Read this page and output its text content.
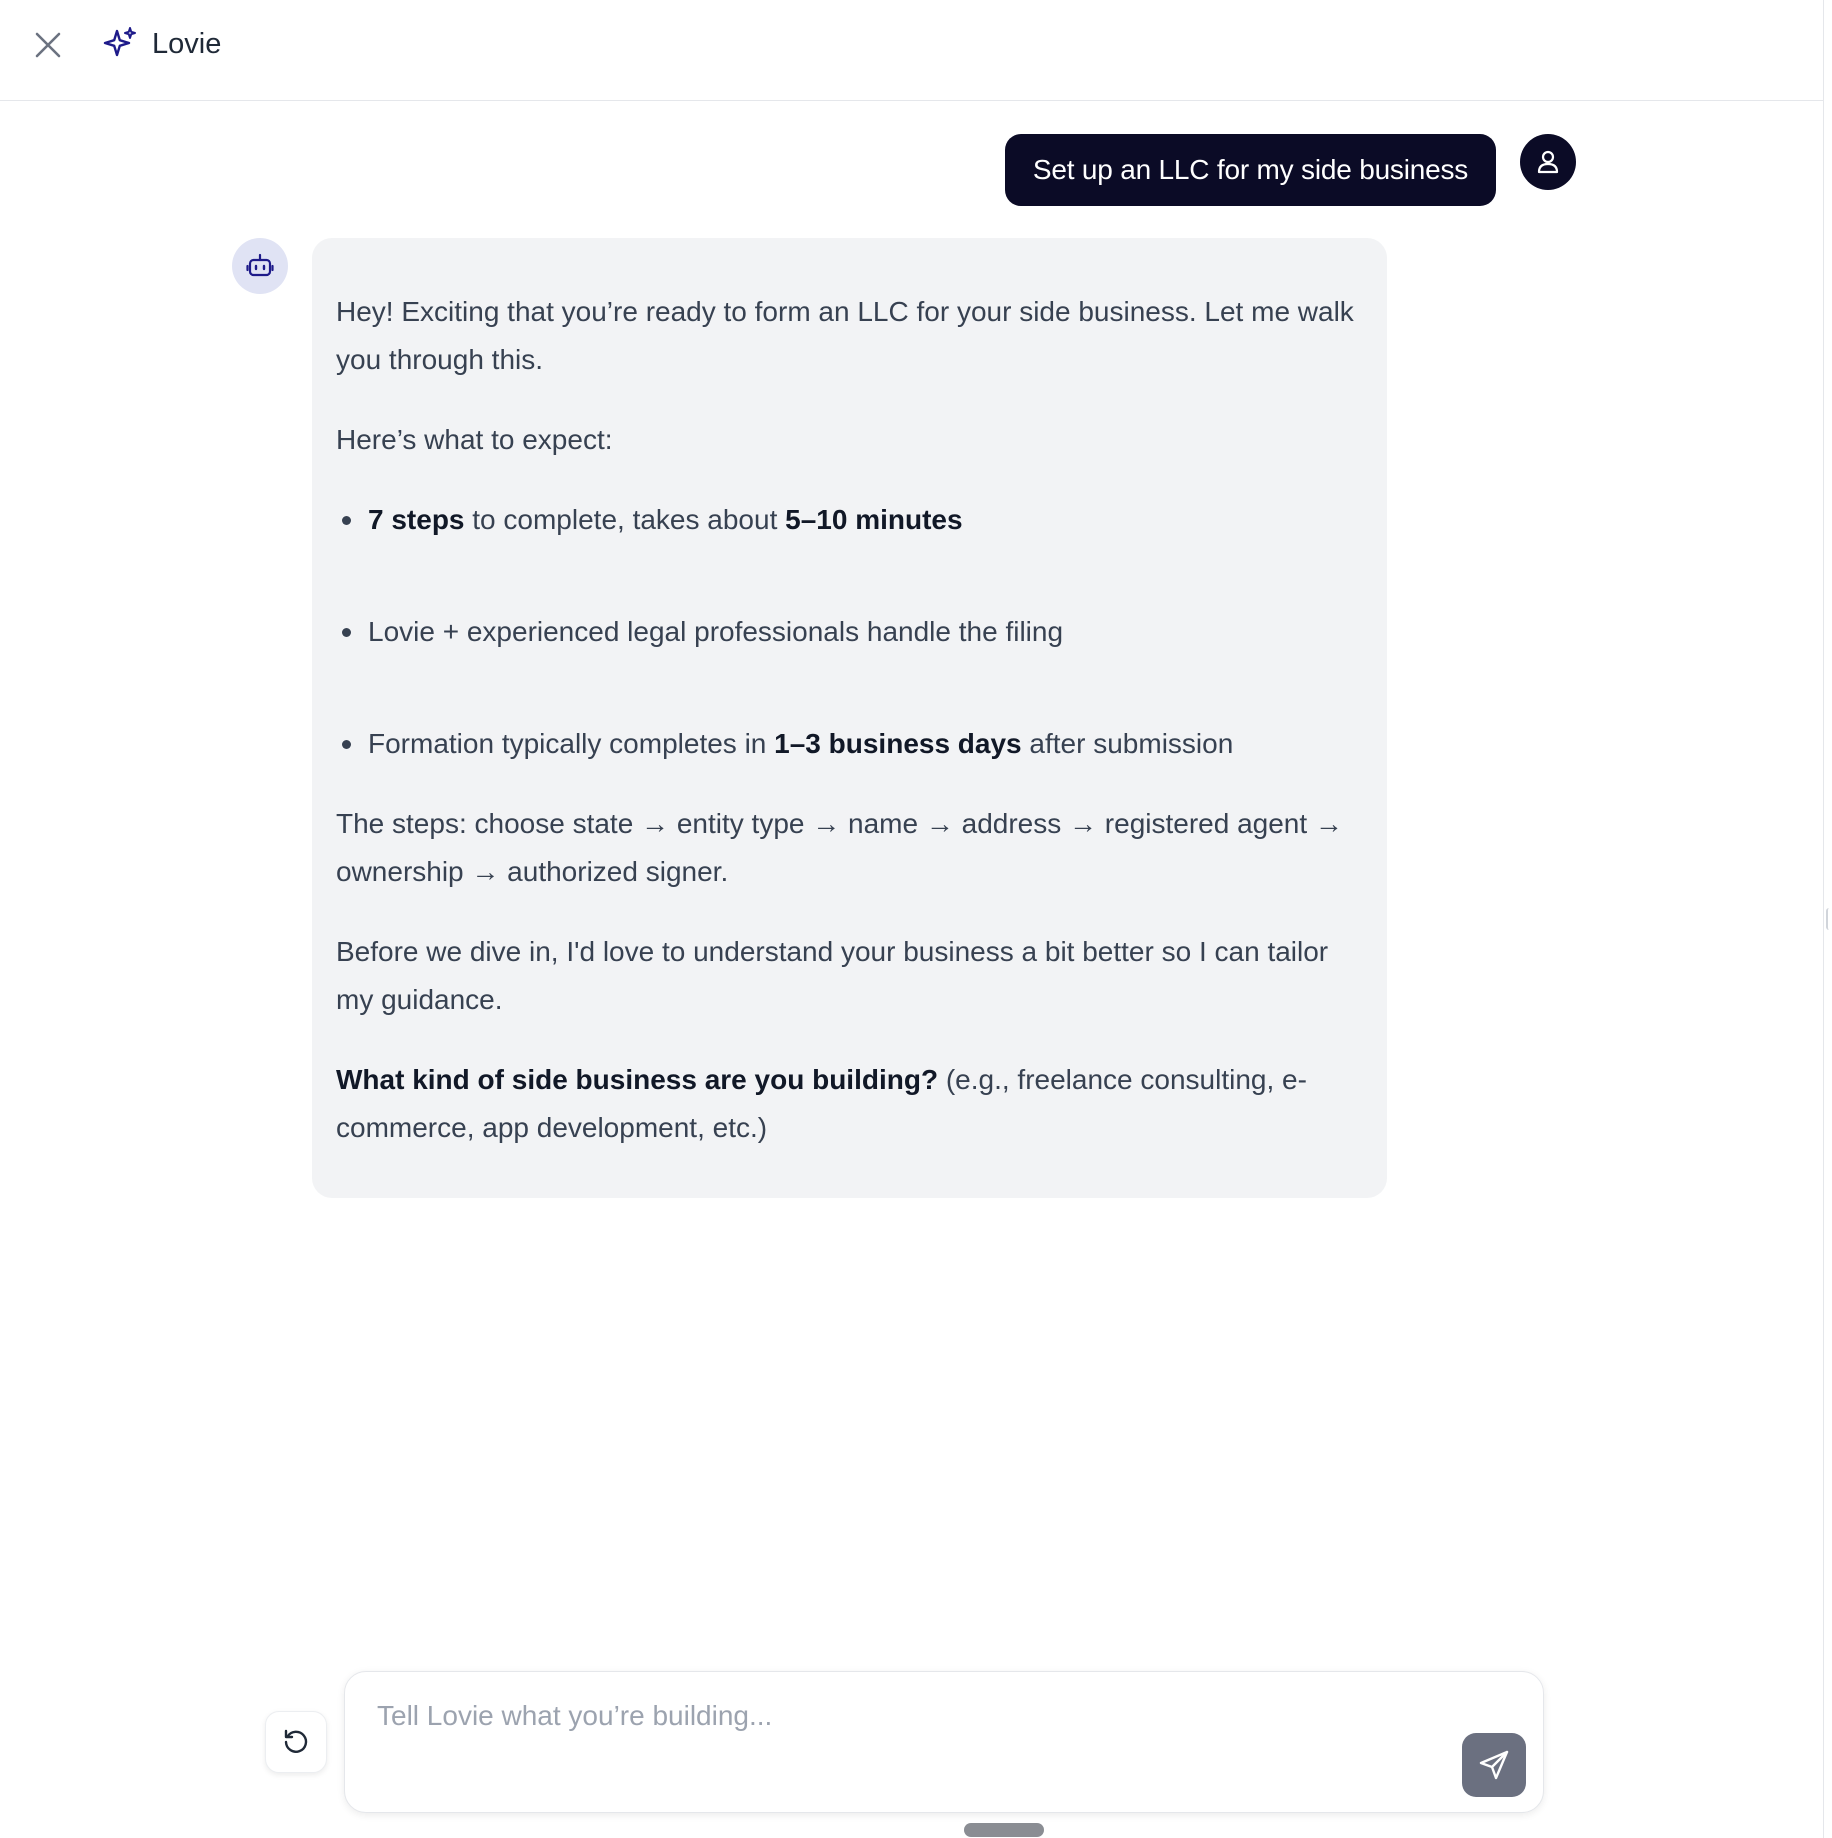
Lovie
Set up an LLC for my side business

Hey! Exciting that you’re ready to form an LLC for your side business. Let me walk you through this.

Here’s what to expect:

7 steps to complete, takes about 5–10 minutes
Lovie + experienced legal professionals handle the filing
Formation typically completes in 1–3 business days after submission

The steps: choose state → entity type → name → address → registered agent → ownership → authorized signer.

Before we dive in, I'd love to understand your business a bit better so I can tailor my guidance.

What kind of side business are you building? (e.g., freelance consulting, e-commerce, app development, etc.)

Tell Lovie what you’re building...
